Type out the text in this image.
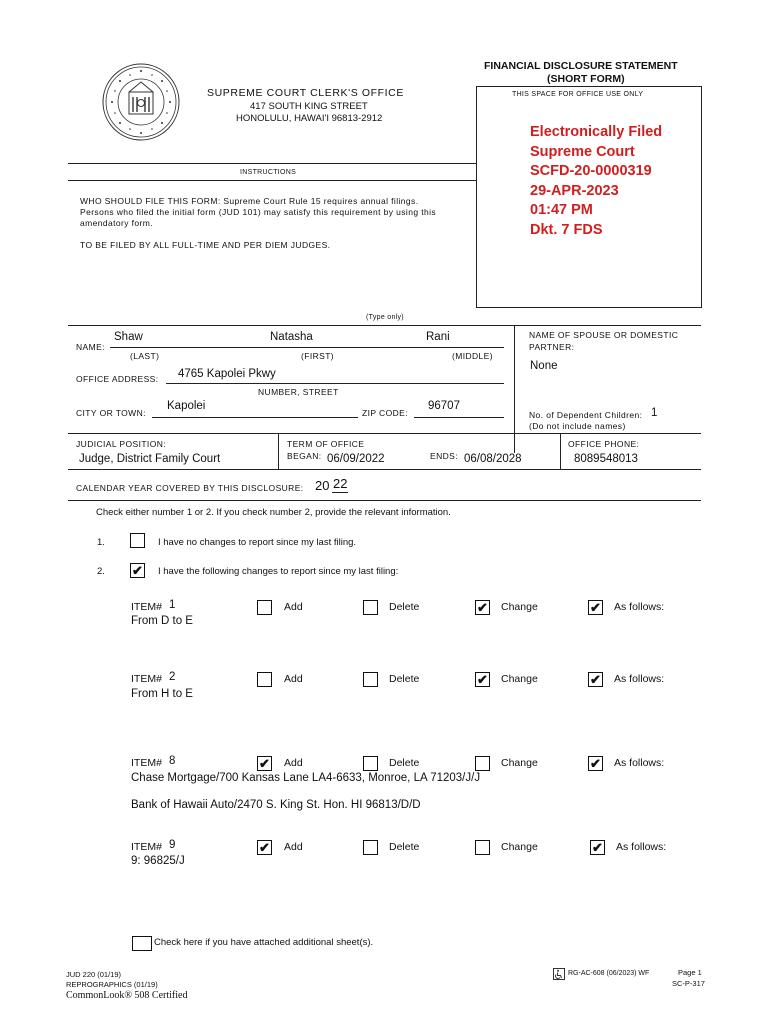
FINANCIAL DISCLOSURE STATEMENT
(SHORT FORM)
THIS SPACE FOR OFFICE USE ONLY
SUPREME COURT CLERK'S OFFICE
417 SOUTH KING STREET
HONOLULU, HAWAI'I 96813-2912
Electronically Filed
Supreme Court
SCFD-20-0000319
29-APR-2023
01:47 PM
Dkt. 7 FDS
INSTRUCTIONS
WHO SHOULD FILE THIS FORM: Supreme Court Rule 15 requires annual filings.
Persons who filed the initial form (JUD 101) may satisfy this requirement by using this
amendatory form.
TO BE FILED BY ALL FULL-TIME AND PER DIEM JUDGES.
(Type only)
NAME:
Shaw	Natasha	Rani
(LAST)	(FIRST)	(MIDDLE)
NAME OF SPOUSE OR DOMESTIC
PARTNER:
None
OFFICE ADDRESS: 4765 Kapolei Pkwy
NUMBER, STREET
CITY OR TOWN:
Kapolei
ZIP CODE:
96707
No. of Dependent Children: 1
(Do not include names)
JUDICIAL POSITION:
Judge, District Family Court
TERM OF OFFICE
BEGAN: 06/09/2022	ENDS: 06/08/2028
OFFICE PHONE:
8089548013
CALENDAR YEAR COVERED BY THIS DISCLOSURE: 20 22
Check either number 1 or 2. If you check number 2, provide the relevant information.
1.	I have no changes to report since my last filing.
2. ✔ I have the following changes to report since my last filing:
ITEM# 1	Add	Delete	✔ Change	✔ As follows:
From D to E
ITEM# 2	Add	Delete	✔ Change	✔ As follows:
From H to E
ITEM# 8	✔ Add	Delete	Change	✔ As follows:
Chase Mortgage/700 Kansas Lane LA4-6633, Monroe, LA 71203/J/J
Bank of Hawaii Auto/2470 S. King St. Hon. HI 96813/D/D
ITEM# 9	✔ Add	Delete	Change	✔ As follows:
9: 96825/J
Check here if you have attached additional sheet(s).
JUD 220 (01/19)
REPROGRAPHICS (01/19)
CommonLook® 508 Certified
RG-AC-608 (06/2023) WF	Page 1
SC-P-317
